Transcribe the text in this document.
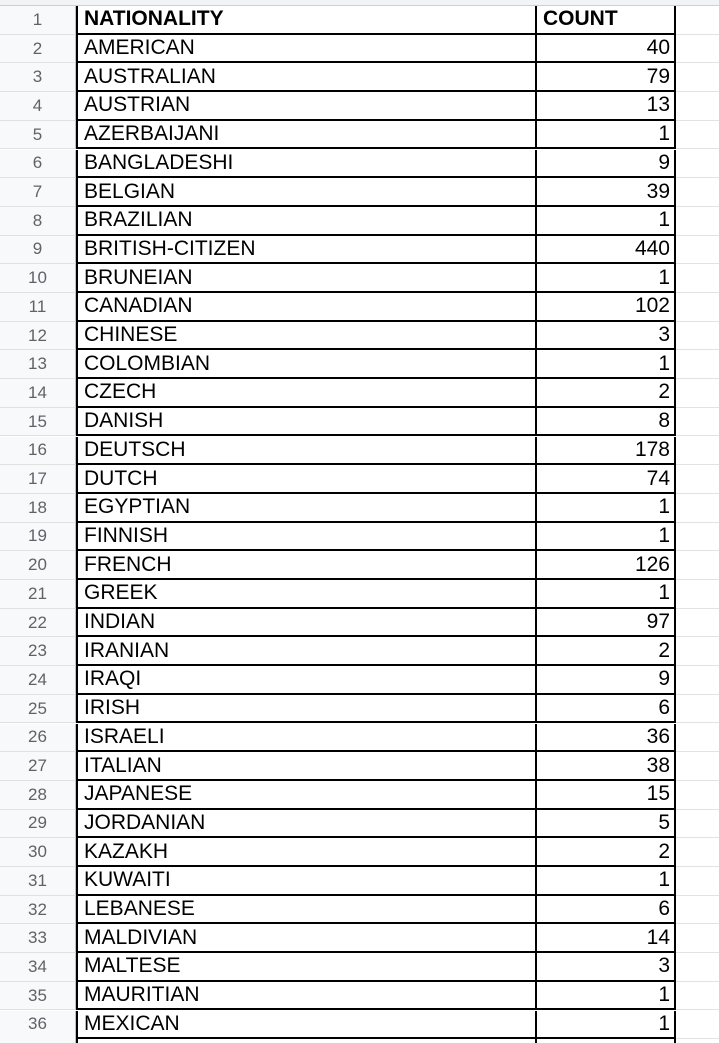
1	NATIONALITY	COUNT
2	AMERICAN	40
3	AUSTRALIAN	79
4	AUSTRIAN	13
5	AZERBAIJANI	1
6	BANGLADESHI	9
7	BELGIAN	39
8	BRAZILIAN	1
9	BRITISH-CITIZEN	440
10	BRUNEIAN	1
11	CANADIAN	102
12	CHINESE	3
13	COLOMBIAN	1
14	CZECH	2
15	DANISH	8
16	DEUTSCH	178
17	DUTCH	74
18	EGYPTIAN	1
19	FINNISH	1
20	FRENCH	126
21	GREEK	1
22	INDIAN	97
23	IRANIAN	2
24	IRAQI	9
25	IRISH	6
26	ISRAELI	36
27	ITALIAN	38
28	JAPANESE	15
29	JORDANIAN	5
30	KAZAKH	2
31	KUWAITI	1
32	LEBANESE	6
33	MALDIVIAN	14
34	MALTESE	3
35	MAURITIAN	1
36	MEXICAN	1
